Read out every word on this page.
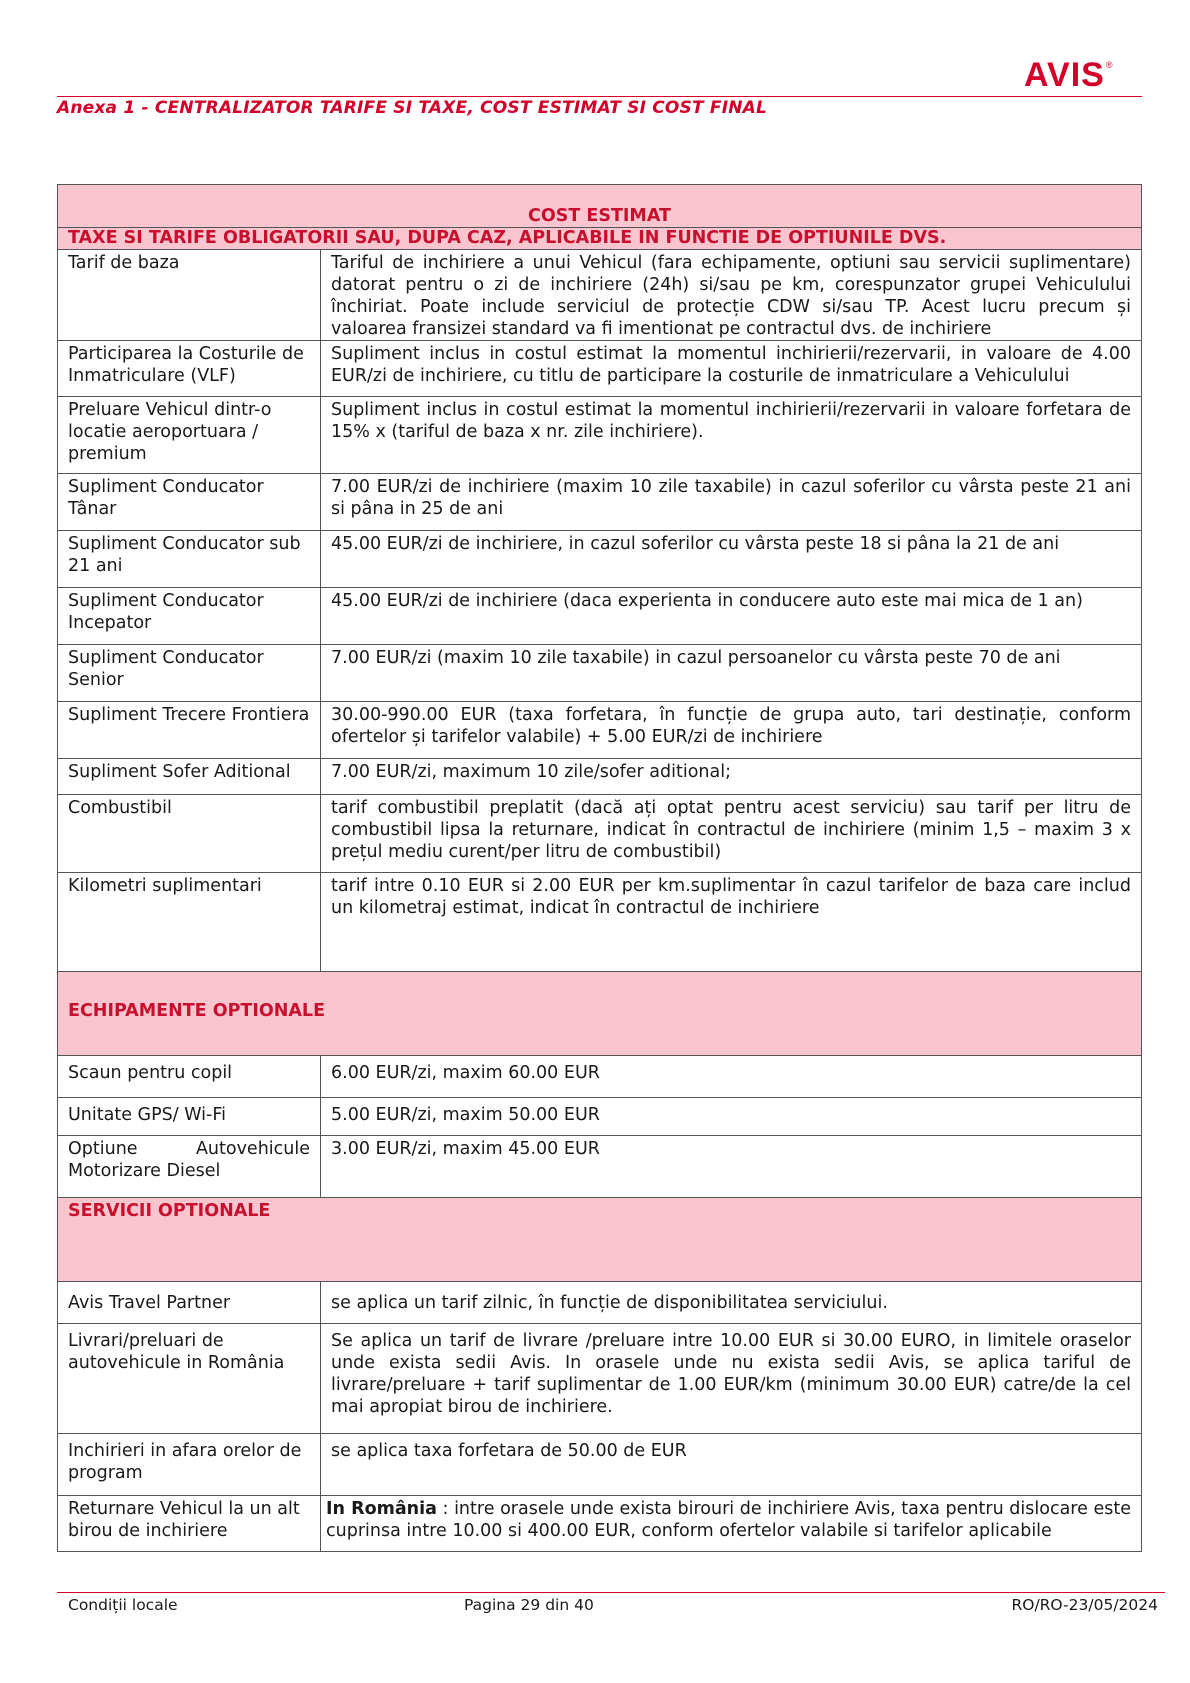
AVIS®
Anexa 1 - CENTRALIZATOR TARIFE SI TAXE, COST ESTIMAT SI COST FINAL
COST ESTIMAT	
TAXE SI TARIFE OBLIGATORII SAU, DUPA CAZ, APLICABILE IN FUNCTIE DE OPTIUNILE DVS.	
Tarif de baza	Tariful de inchiriere a unui Vehicul (fara echipamente, optiuni sau servicii suplimentare) datorat pentru o zi de inchiriere (24h) si/sau pe km, corespunzator grupei Vehiculului închiriat. Poate include serviciul de protecție CDW si/sau TP. Acest lucru precum și valoarea fransizei standard va fi imentionat pe contractul dvs. de inchiriere
Participarea la Costurile de Inmatriculare (VLF)	Supliment inclus in costul estimat la momentul inchirierii/rezervarii, in valoare de 4.00 EUR/zi de inchiriere, cu titlu de participare la costurile de inmatriculare a Vehiculului
Preluare Vehicul dintr-o locatie aeroportuara / premium	Supliment inclus in costul estimat la momentul inchirierii/rezervarii in valoare forfetara de 15% x (tariful de baza x nr. zile inchiriere).
Supliment Conducator Tânar	7.00 EUR/zi de inchiriere (maxim 10 zile taxabile) in cazul soferilor cu vârsta peste 21 ani si pâna in 25 de ani
Supliment Conducator sub 21 ani	45.00 EUR/zi de inchiriere, in cazul soferilor cu vârsta peste 18 si pâna la 21 de ani
Supliment Conducator Incepator	45.00 EUR/zi de inchiriere (daca experienta in conducere auto este mai mica de 1 an)
Supliment Conducator Senior	7.00 EUR/zi (maxim 10 zile taxabile) in cazul persoanelor cu vârsta peste 70 de ani
Supliment Trecere Frontiera	30.00-990.00 EUR (taxa forfetara, în funcție de grupa auto, tari destinație, conform ofertelor și tarifelor valabile) + 5.00 EUR/zi de inchiriere
Supliment Sofer Aditional	7.00 EUR/zi, maximum 10 zile/sofer aditional;
Combustibil	tarif combustibil preplatit (dacă ați optat pentru acest serviciu) sau tarif per litru de combustibil lipsa la returnare, indicat în contractul de inchiriere (minim 1,5 – maxim 3 x prețul mediu curent/per litru de combustibil)
Kilometri suplimentari	tarif intre 0.10 EUR si 2.00 EUR per km.suplimentar în cazul tarifelor de baza care includ un kilometraj estimat, indicat în contractul de inchiriere
ECHIPAMENTE OPTIONALE	
Scaun pentru copil	6.00 EUR/zi, maxim 60.00 EUR
Unitate GPS/ Wi-Fi	5.00 EUR/zi, maxim 50.00 EUR
Optiune Autovehicule Motorizare Diesel	3.00 EUR/zi, maxim 45.00 EUR
SERVICII OPTIONALE	
Avis Travel Partner	se aplica un tarif zilnic, în funcție de disponibilitatea serviciului.
Livrari/preluari de autovehicule in România	Se aplica un tarif de livrare /preluare intre 10.00 EUR si 30.00 EURO, in limitele oraselor unde exista sedii Avis. In orasele unde nu exista sedii Avis, se aplica tariful de livrare/preluare + tarif suplimentar de 1.00 EUR/km (minimum 30.00 EUR) catre/de la cel mai apropiat birou de inchiriere.
Inchirieri in afara orelor de program	se aplica taxa forfetara de 50.00 de EUR
Returnare Vehicul la un alt birou de inchiriere	In România : intre orasele unde exista birouri de inchiriere Avis, taxa pentru dislocare este cuprinsa intre 10.00 si 400.00 EUR, conform ofertelor valabile si tarifelor aplicabile
Condiții locale	Pagina 29 din 40	RO/RO-23/05/2024
